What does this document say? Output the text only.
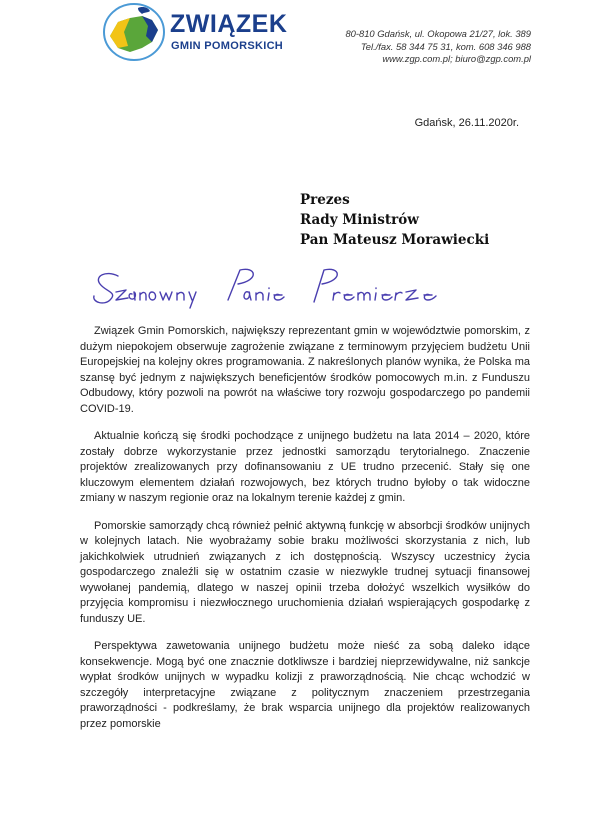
ZWIĄZEK
GMIN POMORSKICH
80-810 Gdańsk, ul. Okopowa 21/27, lok. 389
Tel./fax. 58 344 75 31, kom. 608 346 988
www.zgp.com.pl; biuro@zgp.com.pl
Gdańsk, 26.11.2020r.
Prezes
Rady Ministrów
Pan Mateusz Morawiecki

Związek Gmin Pomorskich, największy reprezentant gmin w województwie pomorskim, z dużym niepokojem obserwuje zagrożenie związane z terminowym przyjęciem budżetu Unii Europejskiej na kolejny okres programowania. Z nakreślonych planów wynika, że Polska ma szansę być jednym z największych beneficjentów środków pomocowych m.in. z Funduszu Odbudowy, który pozwoli na powrót na właściwe tory rozwoju gospodarczego po pandemii COVID-19.

Aktualnie kończą się środki pochodzące z unijnego budżetu na lata 2014 – 2020, które zostały dobrze wykorzystanie przez jednostki samorządu terytorialnego. Znaczenie projektów zrealizowanych przy dofinansowaniu z UE trudno przecenić. Stały się one kluczowym elementem działań rozwojowych, bez których trudno byłoby o tak widoczne zmiany w naszym regionie oraz na lokalnym terenie każdej z gmin.

Pomorskie samorządy chcą również pełnić aktywną funkcję w absorbcji środków unijnych w kolejnych latach. Nie wyobrażamy sobie braku możliwości skorzystania z nich, lub jakichkolwiek utrudnień związanych z ich dostępnością. Wszyscy uczestnicy życia gospodarczego znaleźli się w ostatnim czasie w niezwykle trudnej sytuacji finansowej wywołanej pandemią, dlatego w naszej opinii trzeba dołożyć wszelkich wysiłków do przyjęcia kompromisu i niezwłocznego uruchomienia działań wspierających gospodarkę z funduszy UE.

Perspektywa zawetowania unijnego budżetu może nieść za sobą daleko idące konsekwencje. Mogą być one znacznie dotkliwsze i bardziej nieprzewidywalne, niż sankcje wypłat środków unijnych w wypadku kolizji z praworządnością. Nie chcąc wchodzić w szczegóły interpretacyjne związane z politycznym znaczeniem przestrzegania praworządności - podkreślamy, że brak wsparcia unijnego dla projektów realizowanych przez pomorskie
